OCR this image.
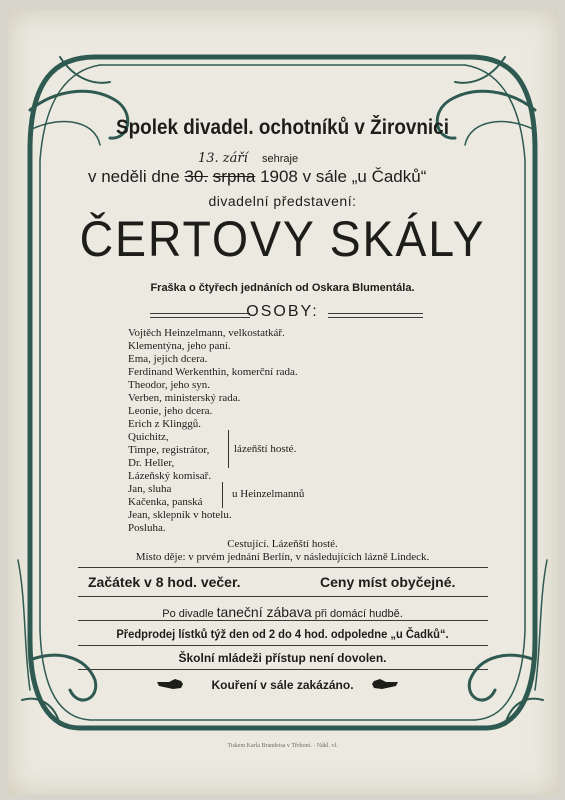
Spolek divadel. ochotníků v Žirovnici
v neděli dne 30. srpna 1908 v sále „u Čadků“
13. září sehraje
divadelní představení:
ČERTOVY SKÁLY
Fraška o čtyřech jednáních od Oskara Blumentála.
OSOBY:
Vojtěch Heinzelmann, velkostatkář.
Klementýna, jeho paní.
Ema, jejich dcera.
Ferdinand Werkenthin, komerční rada.
Theodor, jeho syn.
Verben, ministerský rada.
Leonie, jeho dcera.
Erich z Klinggů.
Quichitz,
Timpe, registrátor,
Dr. Heller,
Lázeňský komisař.
Jan, sluha
Kačenka, panská
Jean, sklepník v hotelu.
Posluha.
lázeňští hosté.
u Heinzelmannů
Cestující. Lázeňští hosté.
Místo děje: v prvém jednání Berlín, v následujících lázně Lindeck.
Začátek v 8 hod. večer.	Ceny míst obyčejné.
Po divadle taneční zábava při domácí hudbě.
Předprodej lístků týž den od 2 do 4 hod. odpoledne „u Čadků“.
Školní mládeži přístup není dovolen.
Kouření v sále zakázáno.
Tiskem Karla Brandeisa v Třeboni. · Nákl. vl.
